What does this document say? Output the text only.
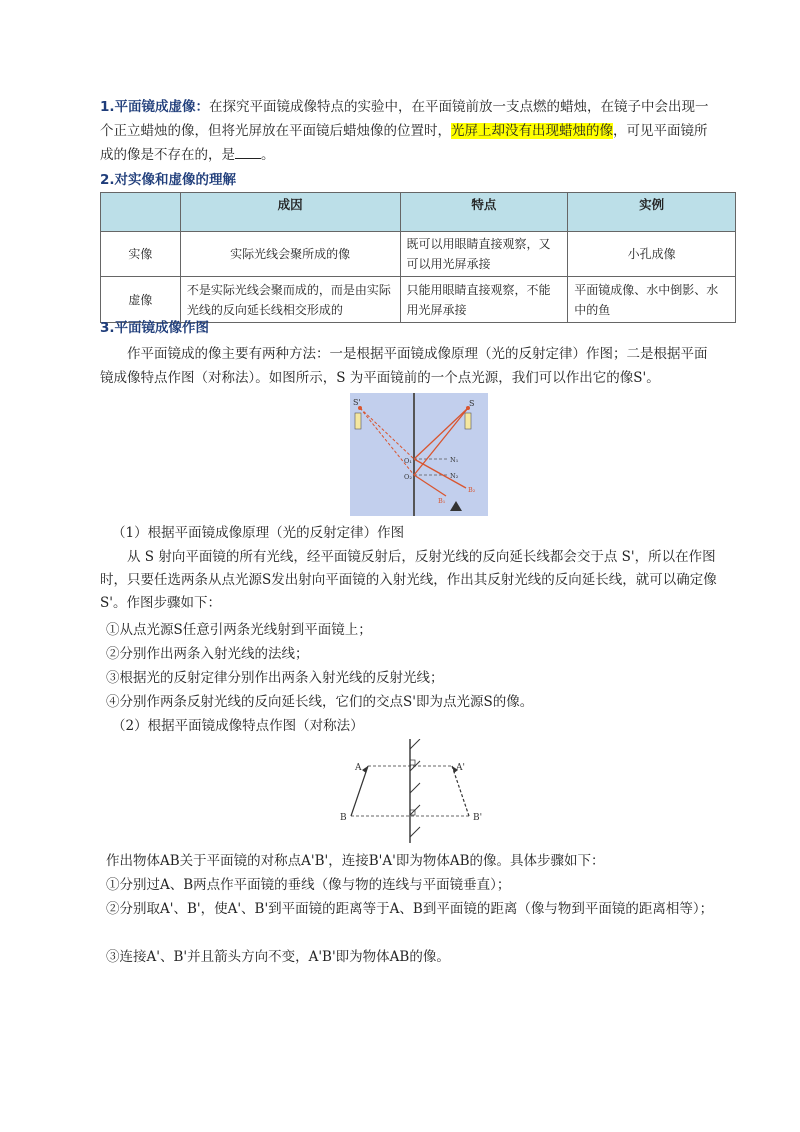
1.平面镜成虚像：在探究平面镜成像特点的实验中，在平面镜前放一支点燃的蜡烛，在镜子中会出现一个正立蜡烛的像，但将光屏放在平面镜后蜡烛像的位置时，光屏上却没有出现蜡烛的像，可见平面镜所成的像是不存在的，是 。
2.对实像和虚像的理解
	成因	特点	实例
实像	实际光线会聚所成的像	既可以用眼睛直接观察，又可以用光屏承接	小孔成像
虚像	不是实际光线会聚而成的，而是由实际光线的反向延长线相交形成的	只能用眼睛直接观察，不能用光屏承接	平面镜成像、水中倒影、水中的鱼
3.平面镜成像作图
作平面镜成的像主要有两种方法：一是根据平面镜成像原理（光的反射定律）作图；二是根据平面镜成像特点作图（对称法）。如图所示，S 为平面镜前的一个点光源，我们可以作出它的像S'。
S'	S
O₁
O₂
N₁
N₂
B₁
B₂
（1）根据平面镜成像原理（光的反射定律）作图
从 S 射向平面镜的所有光线，经平面镜反射后，反射光线的反向延长线都会交于点 S'，所以在作图时，只要任选两条从点光源S发出射向平面镜的入射光线，作出其反射光线的反向延长线，就可以确定像S'。作图步骤如下：
①从点光源S任意引两条光线射到平面镜上；
②分别作出两条入射光线的法线；
③根据光的反射定律分别作出两条入射光线的反射光线；
④分别作两条反射光线的反向延长线，它们的交点S'即为点光源S的像。
（2）根据平面镜成像特点作图（对称法）
A	A'
B	B'
作出物体AB关于平面镜的对称点A'B'，连接B'A'即为物体AB的像。具体步骤如下：
①分别过A、B两点作平面镜的垂线（像与物的连线与平面镜垂直）；
②分别取A'、B'，使A'、B'到平面镜的距离等于A、B到平面镜的距离（像与物到平面镜的距离相等）；
③连接A'、B'并且箭头方向不变，A'B'即为物体AB的像。
